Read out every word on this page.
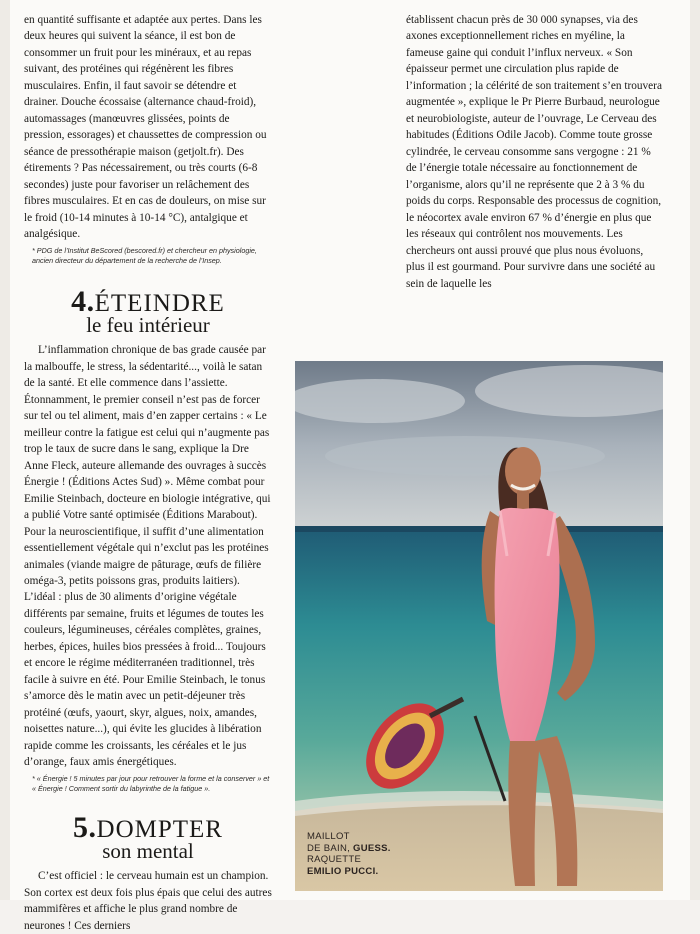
en quantité suffisante et adaptée aux pertes. Dans les deux heures qui suivent la séance, il est bon de consommer un fruit pour les minéraux, et au repas suivant, des protéines qui régénèrent les fibres musculaires. Enfin, il faut savoir se détendre et drainer. Douche écossaise (alternance chaud-froid), automassages (manœuvres glissées, points de pression, essorages) et chaussettes de compression ou séance de pressothérapie maison (getjolt.fr). Des étirements ? Pas nécessairement, ou très courts (6-8 secondes) juste pour favoriser un relâchement des fibres musculaires. Et en cas de douleurs, on mise sur le froid (10-14 minutes à 10-14 °C), antalgique et analgésique.

* PDG de l’Institut BeScored (bescored.fr) et chercheur en physiologie, ancien directeur du département de la recherche de l’Insep.

4.ÉTEINDRE
le feu intérieur

L’inflammation chronique de bas grade causée par la malbouffe, le stress, la sédentarité..., voilà le satan de la santé. Et elle commence dans l’assiette. Étonnamment, le premier conseil n’est pas de forcer sur tel ou tel aliment, mais d’en zapper certains : « Le meilleur contre la fatigue est celui qui n’augmente pas trop le taux de sucre dans le sang, explique la Dre Anne Fleck, auteure allemande des ouvrages à succès Énergie ! (Éditions Actes Sud) ». Même combat pour Emilie Steinbach, docteure en biologie intégrative, qui a publié Votre santé optimisée (Éditions Marabout). Pour la neuroscientifique, il suffit d’une alimentation essentiellement végétale qui n’exclut pas les protéines animales (viande maigre de pâturage, œufs de filière oméga-3, petits poissons gras, produits laitiers). L’idéal : plus de 30 aliments d’origine végétale différents par semaine, fruits et légumes de toutes les couleurs, légumineuses, céréales complètes, graines, herbes, épices, huiles bios pressées à froid... Toujours et encore le régime méditerranéen traditionnel, très facile à suivre en été. Pour Emilie Steinbach, le tonus s’amorce dès le matin avec un petit-déjeuner très protéiné (œufs, yaourt, skyr, algues, noix, amandes, noisettes nature...), qui évite les glucides à libération rapide comme les croissants, les céréales et le jus d’orange, faux amis énergétiques.

* « Énergie ! 5 minutes par jour pour retrouver la forme et la conserver » et « Énergie ! Comment sortir du labyrinthe de la fatigue ».

5.DOMPTER
son mental

C’est officiel : le cerveau humain est un champion. Son cortex est deux fois plus épais que celui des autres mammifères et affiche le plus grand nombre de neurones ! Ces derniers

établissent chacun près de 30 000 synapses, via des axones exceptionnellement riches en myéline, la fameuse gaine qui conduit l’influx nerveux. « Son épaisseur permet une circulation plus rapide de l’information ; la célérité de son traitement s’en trouvera augmentée », explique le Pr Pierre Burbaud, neurologue et neurobiologiste, auteur de l’ouvrage, Le Cerveau des habitudes (Éditions Odile Jacob). Comme toute grosse cylindrée, le cerveau consomme sans vergogne : 21 % de l’énergie totale nécessaire au fonctionnement de l’organisme, alors qu’il ne représente que 2 à 3 % du poids du corps. Responsable des processus de cognition, le néocortex avale environ 67 % d’énergie en plus que les réseaux qui contrôlent nos mouvements. Les chercheurs ont aussi prouvé que plus nous évoluons, plus il est gourmand. Pour survivre dans une société au sein de laquelle les

MAILLOT
DE BAIN, GUESS.
RAQUETTE
EMILIO PUCCI.
